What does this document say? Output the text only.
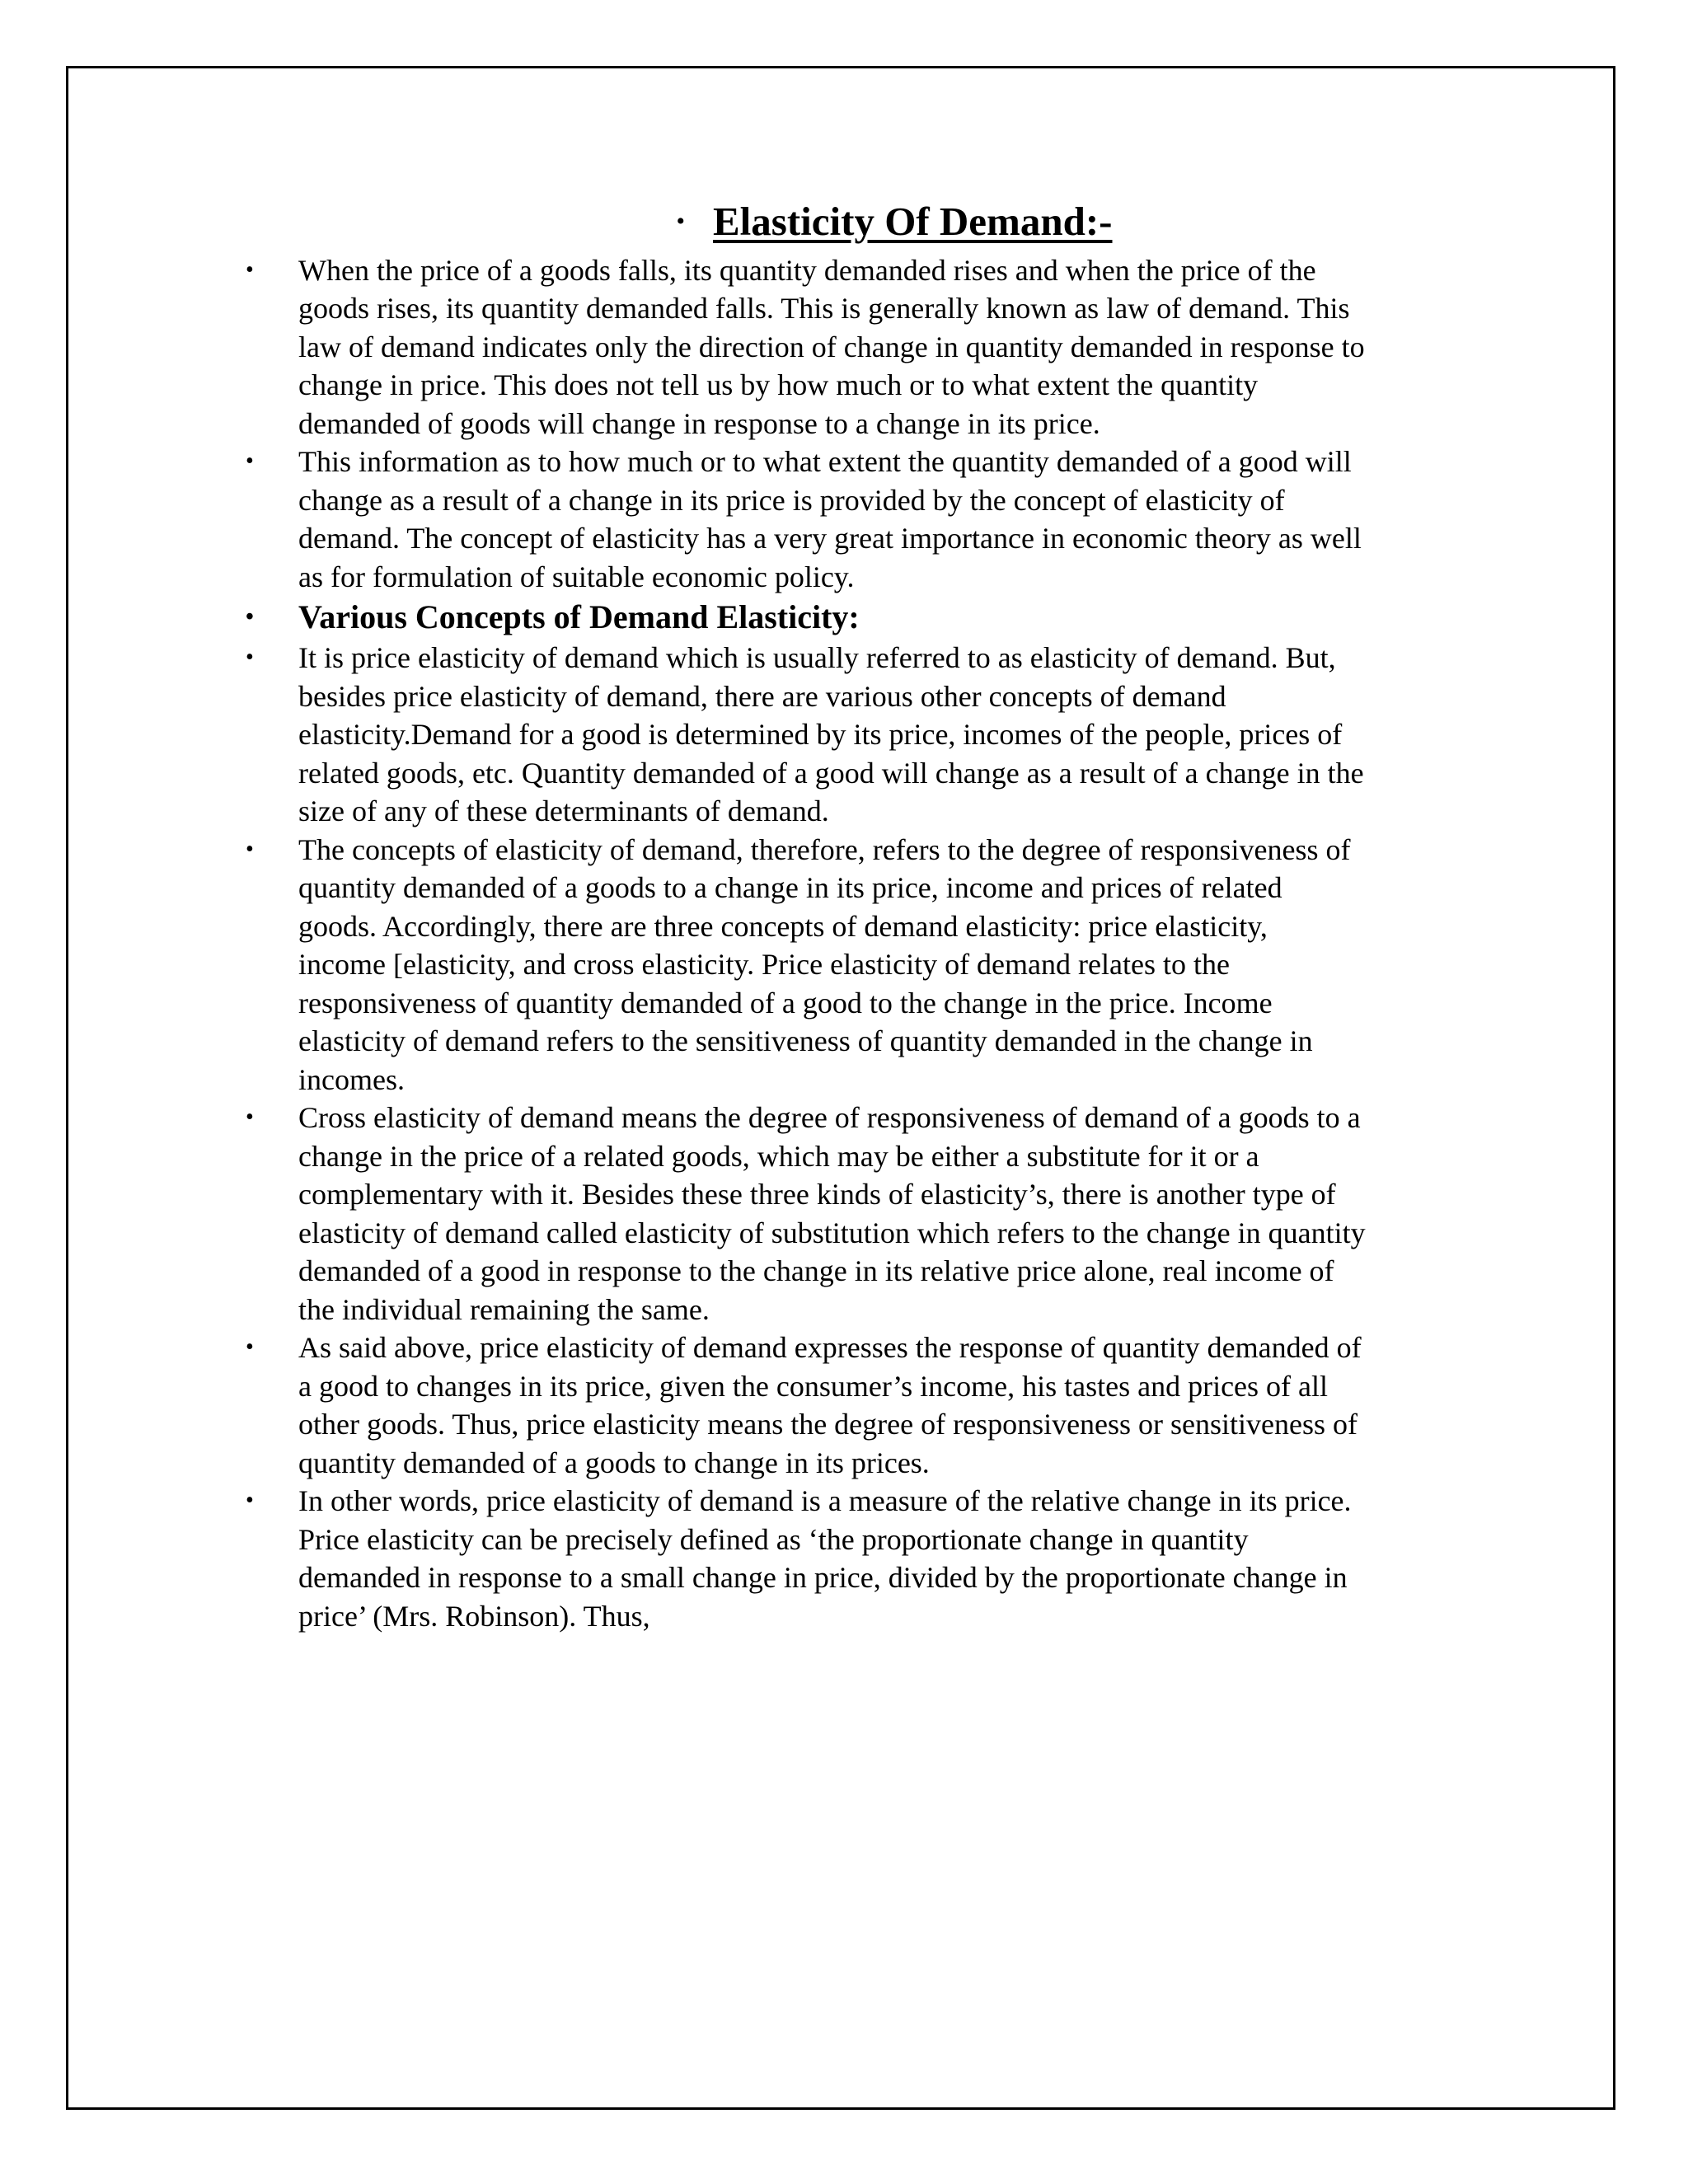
• Elasticity Of Demand:-
• When the price of a goods falls, its quantity demanded rises and when the price of the
goods rises, its quantity demanded falls. This is generally known as law of demand. This
law of demand indicates only the direction of change in quantity demanded in response to
change in price. This does not tell us by how much or to what extent the quantity
demanded of goods will change in response to a change in its price.
• This information as to how much or to what extent the quantity demanded of a good will
change as a result of a change in its price is provided by the concept of elasticity of
demand. The concept of elasticity has a very great importance in economic theory as well
as for formulation of suitable economic policy.
• Various Concepts of Demand Elasticity:
• It is price elasticity of demand which is usually referred to as elasticity of demand. But,
besides price elasticity of demand, there are various other concepts of demand
elasticity.Demand for a good is determined by its price, incomes of the people, prices of
related goods, etc. Quantity demanded of a good will change as a result of a change in the
size of any of these determinants of demand.
• The concepts of elasticity of demand, therefore, refers to the degree of responsiveness of
quantity demanded of a goods to a change in its price, income and prices of related
goods. Accordingly, there are three concepts of demand elasticity: price elasticity,
income [elasticity, and cross elasticity. Price elasticity of demand relates to the
responsiveness of quantity demanded of a good to the change in the price. Income
elasticity of demand refers to the sensitiveness of quantity demanded in the change in
incomes.
• Cross elasticity of demand means the degree of responsiveness of demand of a goods to a
change in the price of a related goods, which may be either a substitute for it or a
complementary with it. Besides these three kinds of elasticity’s, there is another type of
elasticity of demand called elasticity of substitution which refers to the change in quantity
demanded of a good in response to the change in its relative price alone, real income of
the individual remaining the same.
• As said above, price elasticity of demand expresses the response of quantity demanded of
a good to changes in its price, given the consumer’s income, his tastes and prices of all
other goods. Thus, price elasticity means the degree of responsiveness or sensitiveness of
quantity demanded of a goods to change in its prices.
• In other words, price elasticity of demand is a measure of the relative change in its price.
Price elasticity can be precisely defined as ‘the proportionate change in quantity
demanded in response to a small change in price, divided by the proportionate change in
price’ (Mrs. Robinson). Thus,
